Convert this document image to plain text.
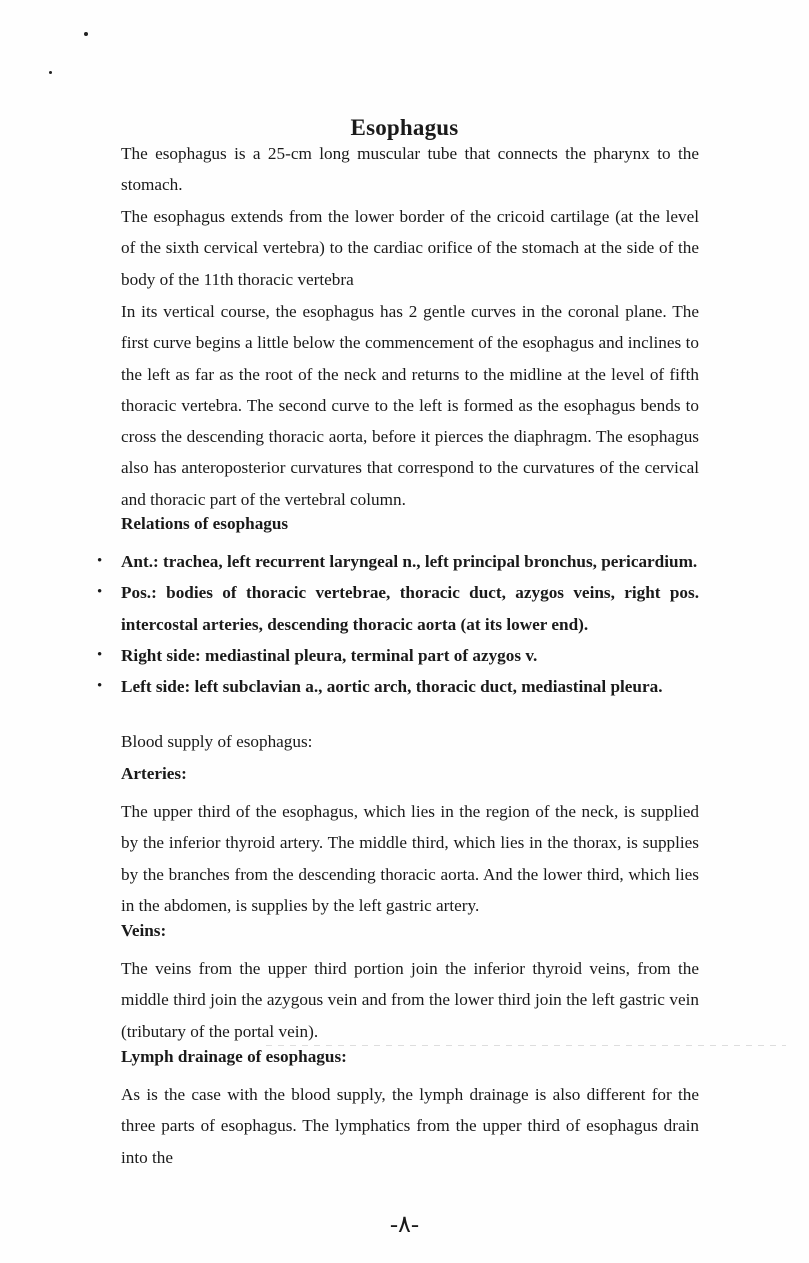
Esophagus

The esophagus is a 25-cm long muscular tube that connects the pharynx to the stomach.

The esophagus extends from the lower border of the cricoid cartilage (at the level of the sixth cervical vertebra) to the cardiac orifice of the stomach at the side of the body of the 11th thoracic vertebra

In its vertical course, the esophagus has 2 gentle curves in the coronal plane. The first curve begins a little below the commencement of the esophagus and inclines to the left as far as the root of the neck and returns to the midline at the level of fifth thoracic vertebra. The second curve to the left is formed as the esophagus bends to cross the descending thoracic aorta, before it pierces the diaphragm. The esophagus also has anteroposterior curvatures that correspond to the curvatures of the cervical and thoracic part of the vertebral column.

Relations of esophagus
• Ant.: trachea, left recurrent laryngeal n., left principal bronchus, pericardium.
• Pos.: bodies of thoracic vertebrae, thoracic duct, azygos veins, right pos. intercostal arteries, descending thoracic aorta (at its lower end).
• Right side: mediastinal pleura, terminal part of azygos v.
• Left side: left subclavian a., aortic arch, thoracic duct, mediastinal pleura.

Blood supply of esophagus:

Arteries:

The upper third of the esophagus, which lies in the region of the neck, is supplied by the inferior thyroid artery. The middle third, which lies in the thorax, is supplies by the branches from the descending thoracic aorta. And the lower third, which lies in the abdomen, is supplies by the left gastric artery.

Veins:

The veins from the upper third portion join the inferior thyroid veins, from the middle third join the azygous vein and from the lower third join the left gastric vein (tributary of the portal vein).

Lymph drainage of esophagus:

As is the case with the blood supply, the lymph drainage is also different for the three parts of esophagus. The lymphatics from the upper third of esophagus drain into the

-٨-
